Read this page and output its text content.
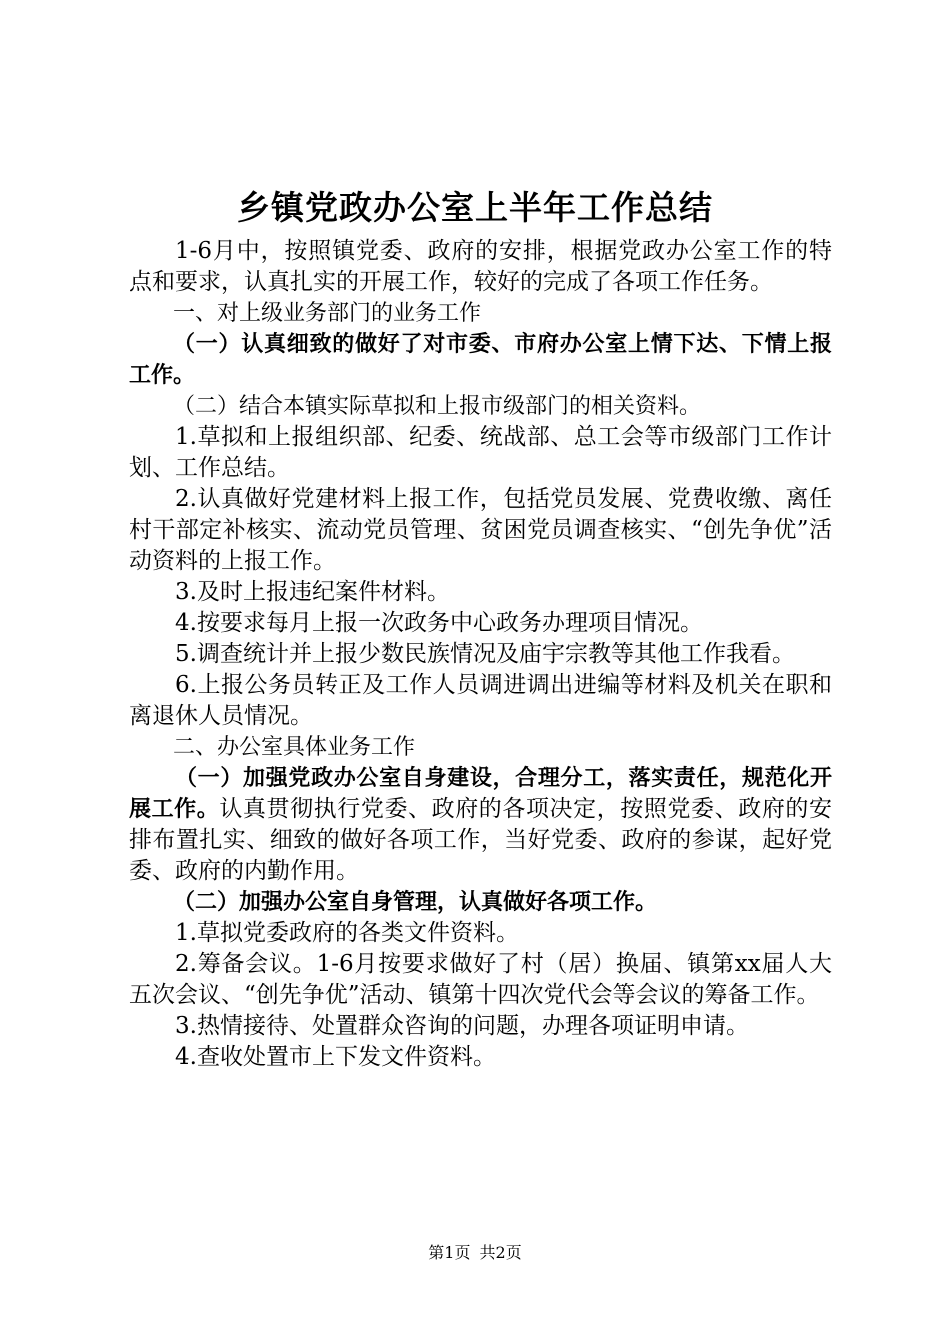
乡镇党政办公室上半年工作总结

1-6月中，按照镇党委、政府的安排，根据党政办公室工作的特点和要求，认真扎实的开展工作，较好的完成了各项工作任务。

一、对上级业务部门的业务工作

（一）认真细致的做好了对市委、市府办公室上情下达、下情上报工作。

（二）结合本镇实际草拟和上报市级部门的相关资料。

1.草拟和上报组织部、纪委、统战部、总工会等市级部门工作计划、工作总结。

2.认真做好党建材料上报工作，包括党员发展、党费收缴、离任村干部定补核实、流动党员管理、贫困党员调查核实、“创先争优”活动资料的上报工作。

3.及时上报违纪案件材料。

4.按要求每月上报一次政务中心政务办理项目情况。

5.调查统计并上报少数民族情况及庙宇宗教等其他工作我看。

6.上报公务员转正及工作人员调进调出进编等材料及机关在职和离退休人员情况。

二、办公室具体业务工作

（一）加强党政办公室自身建设，合理分工，落实责任，规范化开展工作。认真贯彻执行党委、政府的各项决定，按照党委、政府的安排布置扎实、细致的做好各项工作，当好党委、政府的参谋，起好党委、政府的内勤作用。

（二）加强办公室自身管理，认真做好各项工作。

1.草拟党委政府的各类文件资料。

2.筹备会议。1-6月按要求做好了村（居）换届、镇第xx届人大五次会议、“创先争优”活动、镇第十四次党代会等会议的筹备工作。

3.热情接待、处置群众咨询的问题，办理各项证明申请。

4.查收处置市上下发文件资料。

第1页 共2页
